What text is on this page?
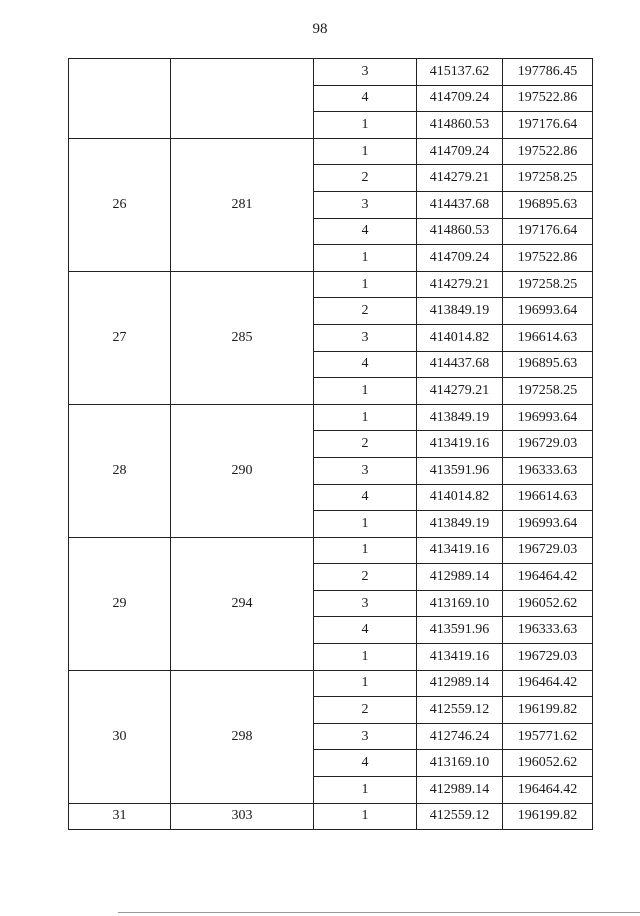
98
		3	415137.62	197786.45
		4	414709.24	197522.86
		1	414860.53	197176.64
26	281	1	414709.24	197522.86
		2	414279.21	197258.25
		3	414437.68	196895.63
		4	414860.53	197176.64
		1	414709.24	197522.86
27	285	1	414279.21	197258.25
		2	413849.19	196993.64
		3	414014.82	196614.63
		4	414437.68	196895.63
		1	414279.21	197258.25
28	290	1	413849.19	196993.64
		2	413419.16	196729.03
		3	413591.96	196333.63
		4	414014.82	196614.63
		1	413849.19	196993.64
29	294	1	413419.16	196729.03
		2	412989.14	196464.42
		3	413169.10	196052.62
		4	413591.96	196333.63
		1	413419.16	196729.03
30	298	1	412989.14	196464.42
		2	412559.12	196199.82
		3	412746.24	195771.62
		4	413169.10	196052.62
		1	412989.14	196464.42
31	303	1	412559.12	196199.82
